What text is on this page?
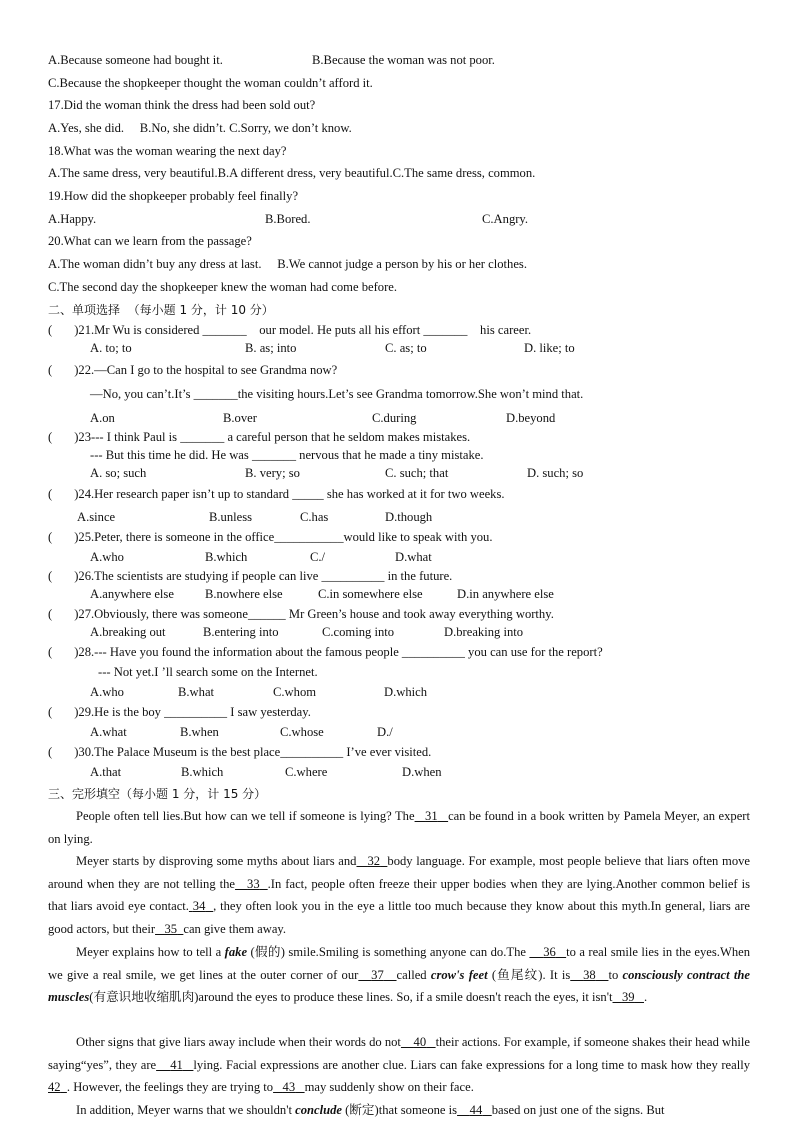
A.Because someone had bought it.	B.Because the woman was not poor.
C.Because the shopkeeper thought the woman couldn’t afford it.
17.Did the woman think the dress had been sold out?
A.Yes, she did.     B.No, she didn’t. C.Sorry, we don’t know.
18.What was the woman wearing the next day?
A.The same dress, very beautiful.B.A different dress, very beautiful.C.The same dress, common.
19.How did the shopkeeper probably feel finally?
A.Happy.	B.Bored.	C.Angry.
20.What can we learn from the passage?
A.The woman didn’t buy any dress at last.     B.We cannot judge a person by his or her clothes.
C.The second day the shopkeeper knew the woman had come before.
二、单项选择  （每小题 1 分，计 10 分）
(       )21.Mr Wu is considered _______    our model. He puts all his effort _______    his career.
A. to; to	B. as; into	C. as; to	D. like; to
(       )22.—Can I go to the hospital to see Grandma now?
—No, you can’t.It’s _______the visiting hours.Let’s see Grandma tomorrow.She won’t mind that.
A.on	B.over	C.during	D.beyond
(       )23--- I think Paul is _______ a careful person that he seldom makes mistakes.
--- But this time he did. He was _______ nervous that he made a tiny mistake.
A. so; such	B. very; so	C. such; that	D. such; so
(       )24.Her research paper isn’t up to standard _____ she has worked at it for two weeks.
A.since	B.unless	C.has	D.though
(       )25.Peter, there is someone in the office___________would like to speak with you.
A.who	B.which	C./	D.what
(       )26.The scientists are studying if people can live __________ in the future.
A.anywhere else B.nowhere else	C.in somewhere else	D.in anywhere else
(       )27.Obviously, there was someone______ Mr Green’s house and took away everything worthy.
A.breaking out	B.entering into	C.coming into	D.breaking into
(       )28.--- Have you found the information about the famous people __________ you can use for the report?
--- Not yet.I ’ll search some on the Internet.
A.who	B.what	C.whom	D.which
(       )29.He is the boy __________ I saw yesterday.
A.what	B.when	C.whose	D./
(       )30.The Palace Museum is the best place__________ I’ve ever visited.
A.that	B.which	C.where	D.when
三、完形填空（每小题 1 分，计 15 分）
People often tell lies.But how can we tell if someone is lying? The 31 can be found in a book written by Pamela Meyer, an expert on lying.
Meyer starts by disproving some myths about liars and 32 body language. For example, most people believe that liars often move around when they are not telling the 33 .In fact, people often freeze their upper bodies when they are lying.Another common belief is that liars avoid eye contact. 34 , they often look you in the eye a little too much because they know about this myth.In general, liars are good actors, but their 35 can give them away.
Meyer explains how to tell a fake (假的) smile.Smiling is something anyone can do.The     36 to a real smile lies in the eyes.When we give a real smile, we get lines at the outer corner of our 37 called crow's feet (鱼尾纹). It is 38 to consciously contract the muscles(有意识地收缩肌肉)around the eyes to produce these lines. So, if a smile doesn't reach the eyes, it isn't 39 .
Other signs that give liars away include when their words do not 40 their actions. For example, if someone shakes their head while saying“yes”, they are 41 lying. Facial expressions are another clue. Liars can fake expressions for a long time to mask how they really 42 . However, the feelings they are trying to 43 may suddenly show on their face.
In addition, Meyer warns that we shouldn't conclude (断定)that someone is 44 based on just one of the signs. But
